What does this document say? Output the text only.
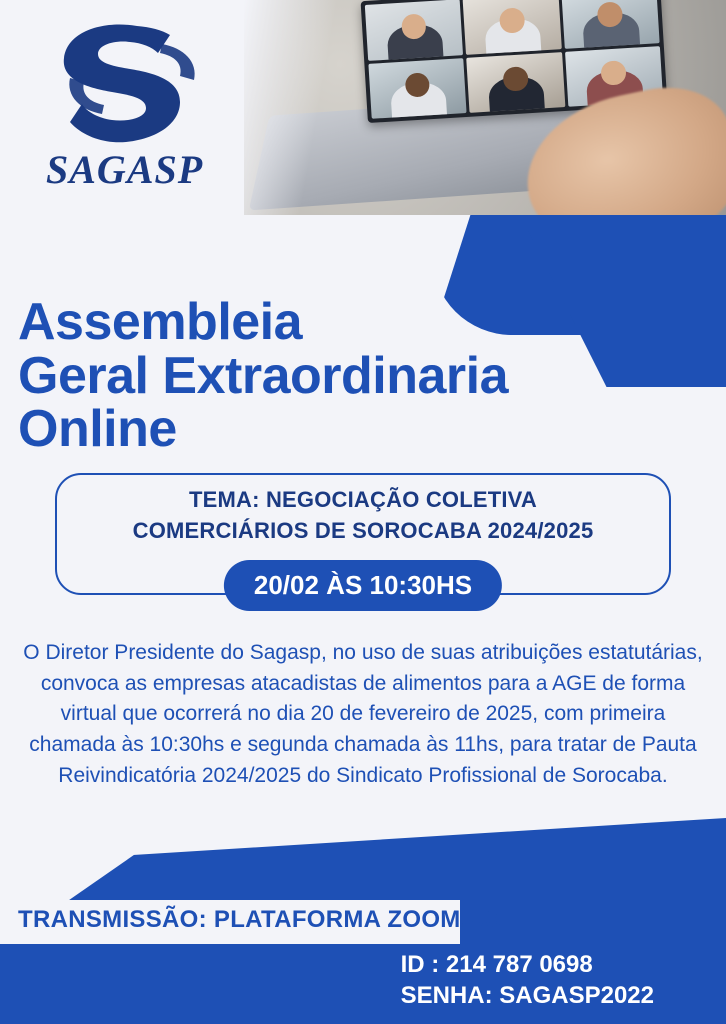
SAGASP
Assembleia
Geral Extraordinaria
Online
TEMA: NEGOCIAÇÃO COLETIVA
COMERCIÁRIOS DE SOROCABA 2024/2025
20/02 ÀS 10:30HS
O Diretor Presidente do Sagasp, no uso de suas atribuições estatutárias, convoca as empresas atacadistas de alimentos para a AGE de forma virtual que ocorrerá no dia 20 de fevereiro de 2025, com primeira chamada às 10:30hs e segunda chamada às 11hs, para tratar de Pauta Reivindicatória 2024/2025 do Sindicato Profissional de Sorocaba.
TRANSMISSÃO: PLATAFORMA ZOOM.US
ID : 214 787 0698
SENHA: SAGASP2022
